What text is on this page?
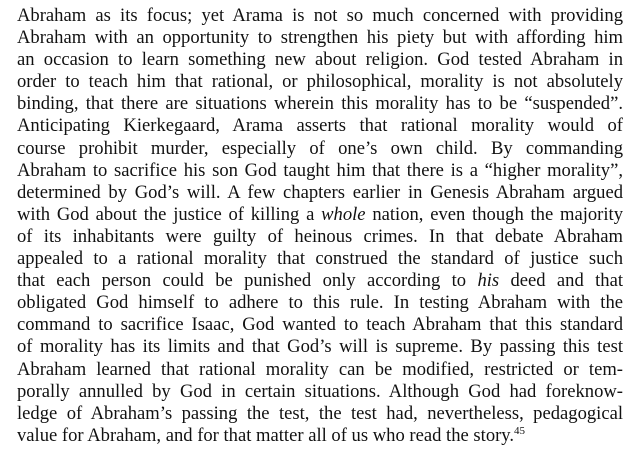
Abraham as its focus; yet Arama is not so much concerned with providing
Abraham with an opportunity to strengthen his piety but with affording him
an occasion to learn something new about religion. God tested Abraham in
order to teach him that rational, or philosophical, morality is not absolutely
binding, that there are situations wherein this morality has to be “suspended”.
Anticipating Kierkegaard, Arama asserts that rational morality would of
course prohibit murder, especially of one’s own child. By commanding
Abraham to sacrifice his son God taught him that there is a “higher morality”,
determined by God’s will. A few chapters earlier in Genesis Abraham argued
with God about the justice of killing a whole nation, even though the majority
of its inhabitants were guilty of heinous crimes. In that debate Abraham
appealed to a rational morality that construed the standard of justice such
that each person could be punished only according to his deed and that
obligated God himself to adhere to this rule. In testing Abraham with the
command to sacrifice Isaac, God wanted to teach Abraham that this standard
of morality has its limits and that God’s will is supreme. By passing this test
Abraham learned that rational morality can be modified, restricted or tem-
porally annulled by God in certain situations. Although God had foreknow-
ledge of Abraham’s passing the test, the test had, nevertheless, pedagogical
value for Abraham, and for that matter all of us who read the story.$^{45}$
